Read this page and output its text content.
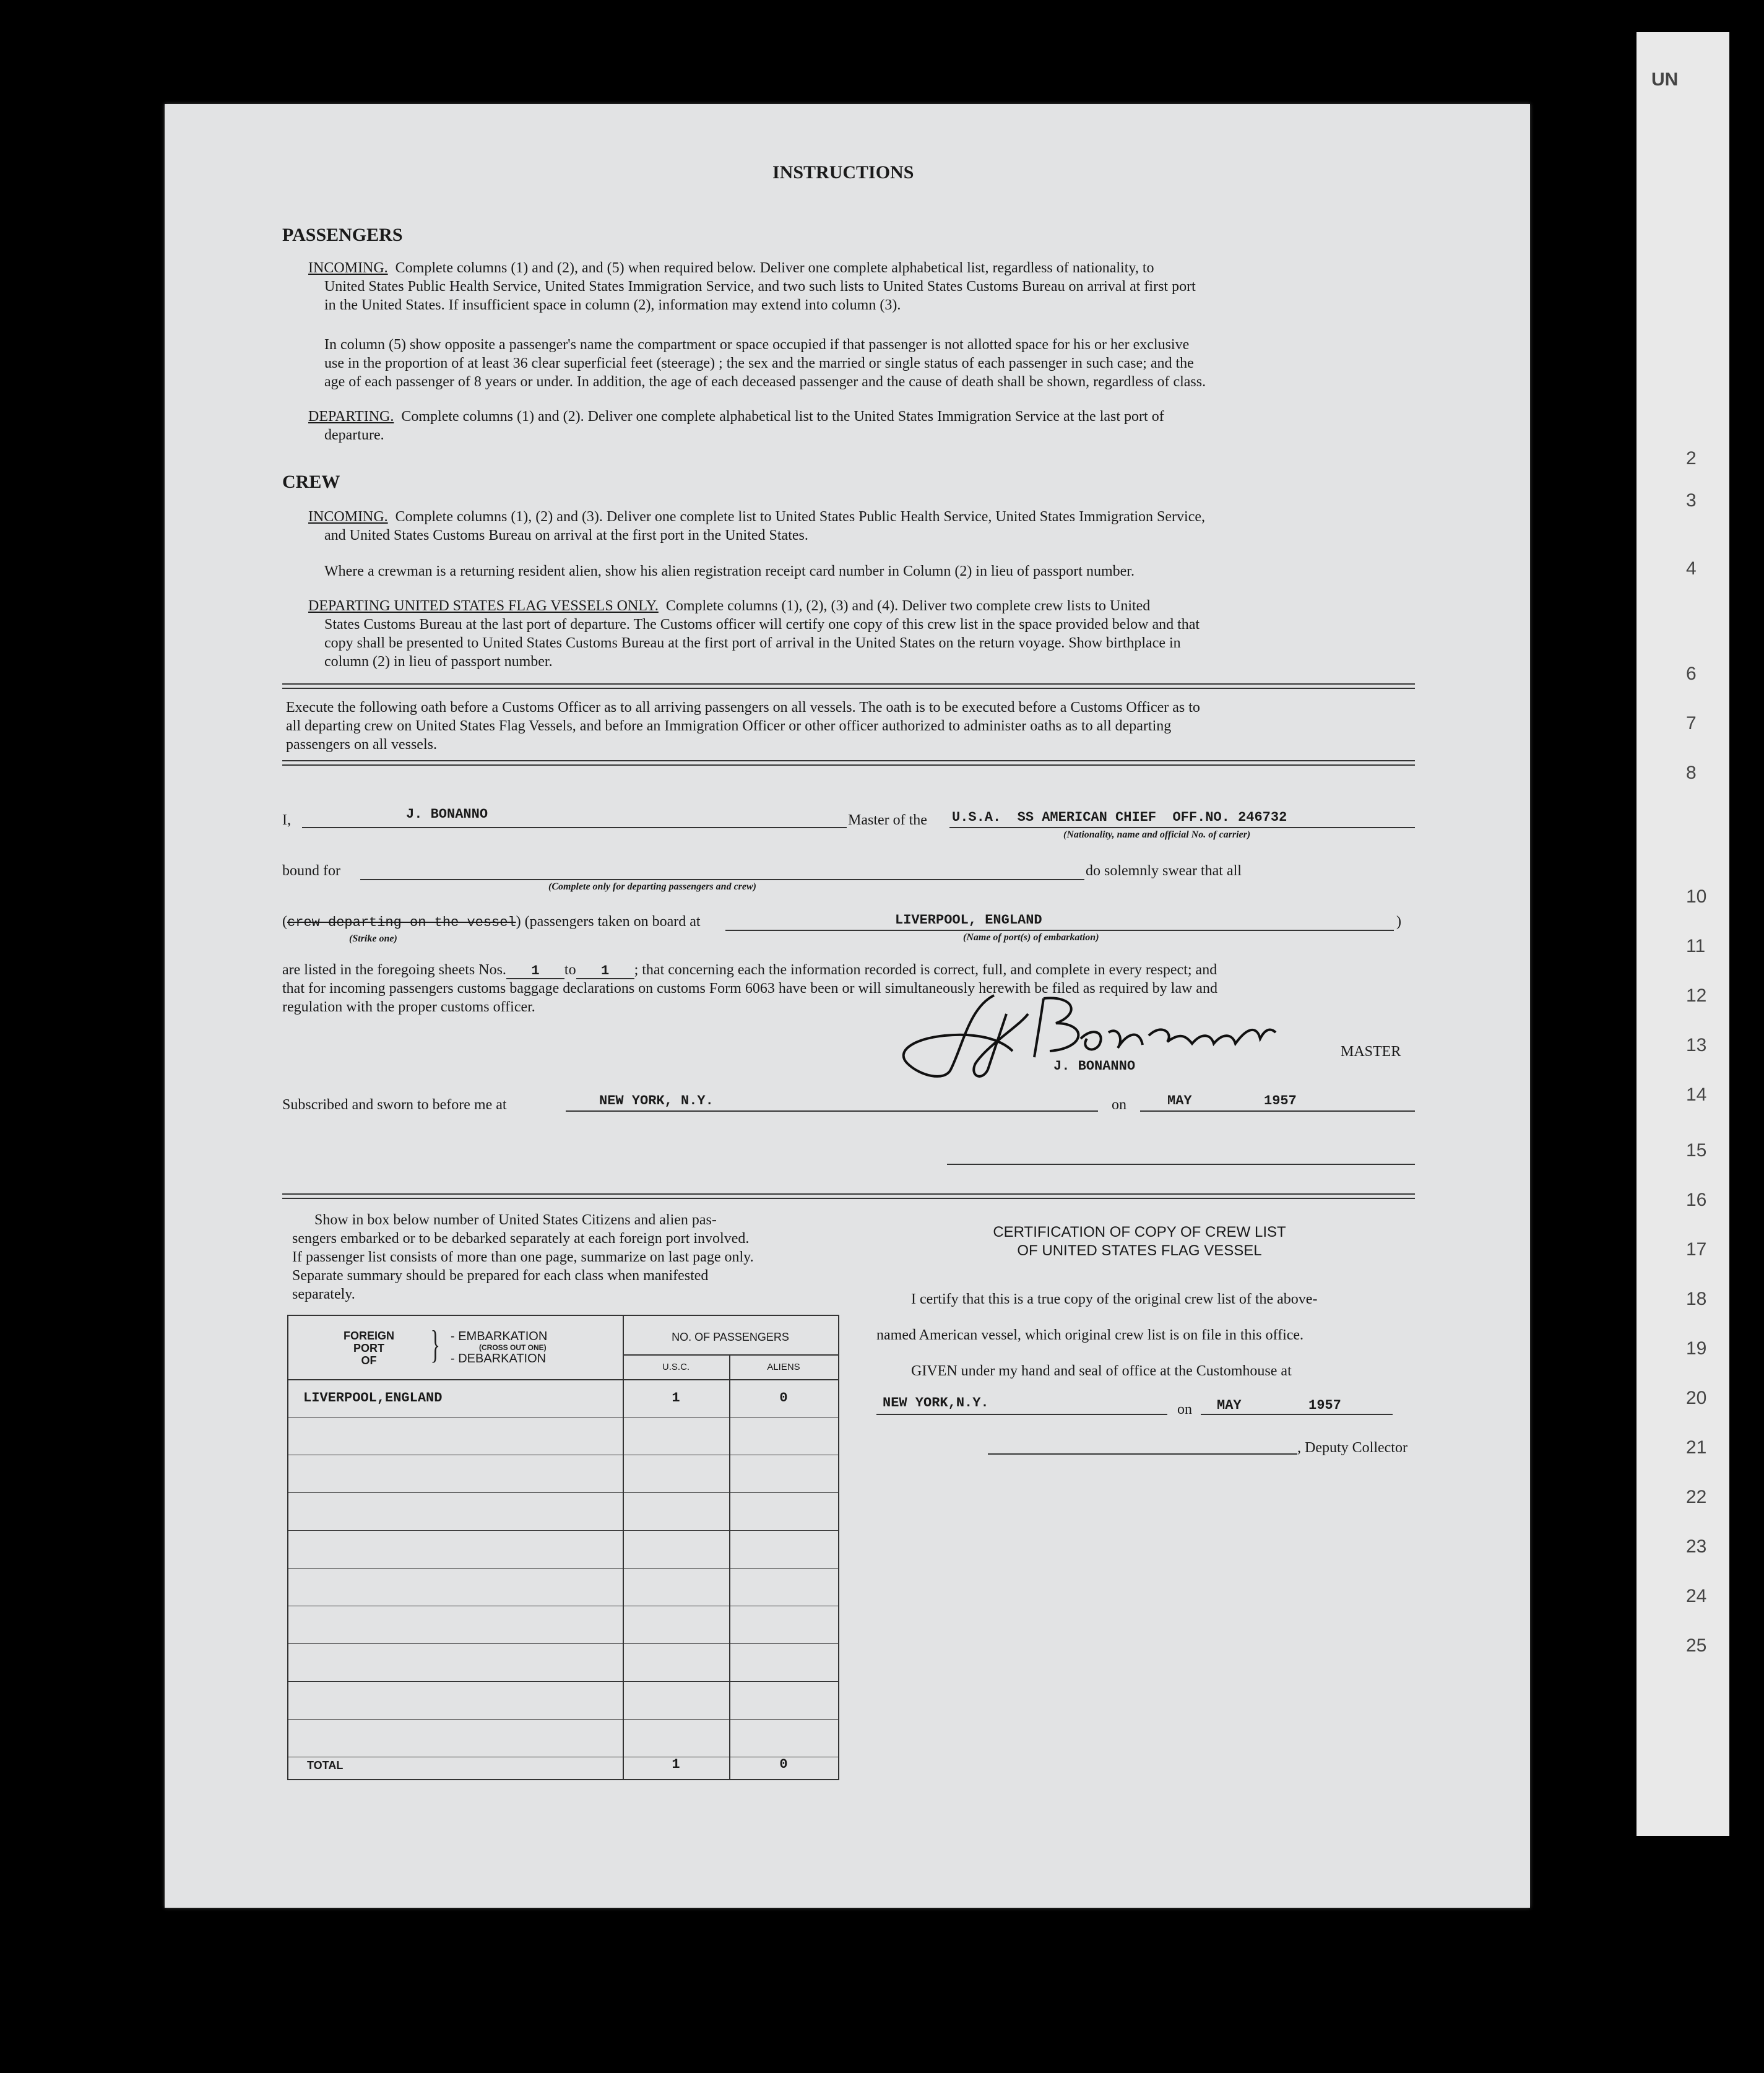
UN
2
3
4
6
7
8
10
11
12
13
14
15
16
17
18
19
20
21
22
23
24
25
INSTRUCTIONS
PASSENGERS
INCOMING. Complete columns (1) and (2), and (5) when required below. Deliver one complete alphabetical list, regardless of nationality, to
United States Public Health Service, United States Immigration Service, and two such lists to United States Customs Bureau on arrival at first port
in the United States. If insufficient space in column (2), information may extend into column (3).
In column (5) show opposite a passenger's name the compartment or space occupied if that passenger is not allotted space for his or her exclusive
use in the proportion of at least 36 clear superficial feet (steerage) ; the sex and the married or single status of each passenger in such case; and the
age of each passenger of 8 years or under. In addition, the age of each deceased passenger and the cause of death shall be shown, regardless of class.
DEPARTING. Complete columns (1) and (2). Deliver one complete alphabetical list to the United States Immigration Service at the last port of
departure.
CREW
INCOMING. Complete columns (1), (2) and (3). Deliver one complete list to United States Public Health Service, United States Immigration Service,
and United States Customs Bureau on arrival at the first port in the United States.
Where a crewman is a returning resident alien, show his alien registration receipt card number in Column (2) in lieu of passport number.
DEPARTING UNITED STATES FLAG VESSELS ONLY. Complete columns (1), (2), (3) and (4). Deliver two complete crew lists to United
States Customs Bureau at the last port of departure. The Customs officer will certify one copy of this crew list in the space provided below and that
copy shall be presented to United States Customs Bureau at the first port of arrival in the United States on the return voyage. Show birthplace in
column (2) in lieu of passport number.
Execute the following oath before a Customs Officer as to all arriving passengers on all vessels. The oath is to be executed before a Customs Officer as to
all departing crew on United States Flag Vessels, and before an Immigration Officer or other officer authorized to administer oaths as to all departing
passengers on all vessels.
I,	J. BONANNO	Master of the U.S.A.  SS AMERICAN CHIEF  OFF.NO. 246732
(Nationality, name and official No. of carrier)
bound for
(Complete only for departing passengers and crew)
do solemnly swear that all
(crew departing on the vessel) (passengers taken on board at
(Strike one)
LIVERPOOL, ENGLAND
(Name of port(s) of embarkation)
)
are listed in the foregoing sheets Nos. 1 to 1 ; that concerning each the information recorded is correct, full, and complete in every respect; and
that for incoming passengers customs baggage declarations on customs Form 6063 have been or will simultaneously herewith be filed as required by law and
regulation with the proper customs officer.
J. BONANNO
MASTER
Subscribed and sworn to before me at	NEW YORK, N.Y.	on	MAY	1957
Show in box below number of United States Citizens and alien pas-
sengers embarked or to be debarked separately at each foreign port involved.
If passenger list consists of more than one page, summarize on last page only.
Separate summary should be prepared for each class when manifested
separately.
FOREIGN
PORT
OF	} - EMBARKATION
(CROSS OUT ONE)
- DEBARKATION
NO. OF PASSENGERS
U.S.C.	ALIENS
LIVERPOOL,ENGLAND	1	0
TOTAL	1	0
CERTIFICATION OF COPY OF CREW LIST
OF UNITED STATES FLAG VESSEL
I certify that this is a true copy of the original crew list of the above-
named American vessel, which original crew list is on file in this office.
GIVEN under my hand and seal of office at the Customhouse at
NEW YORK,N.Y.	on MAY	1957
, Deputy Collector
